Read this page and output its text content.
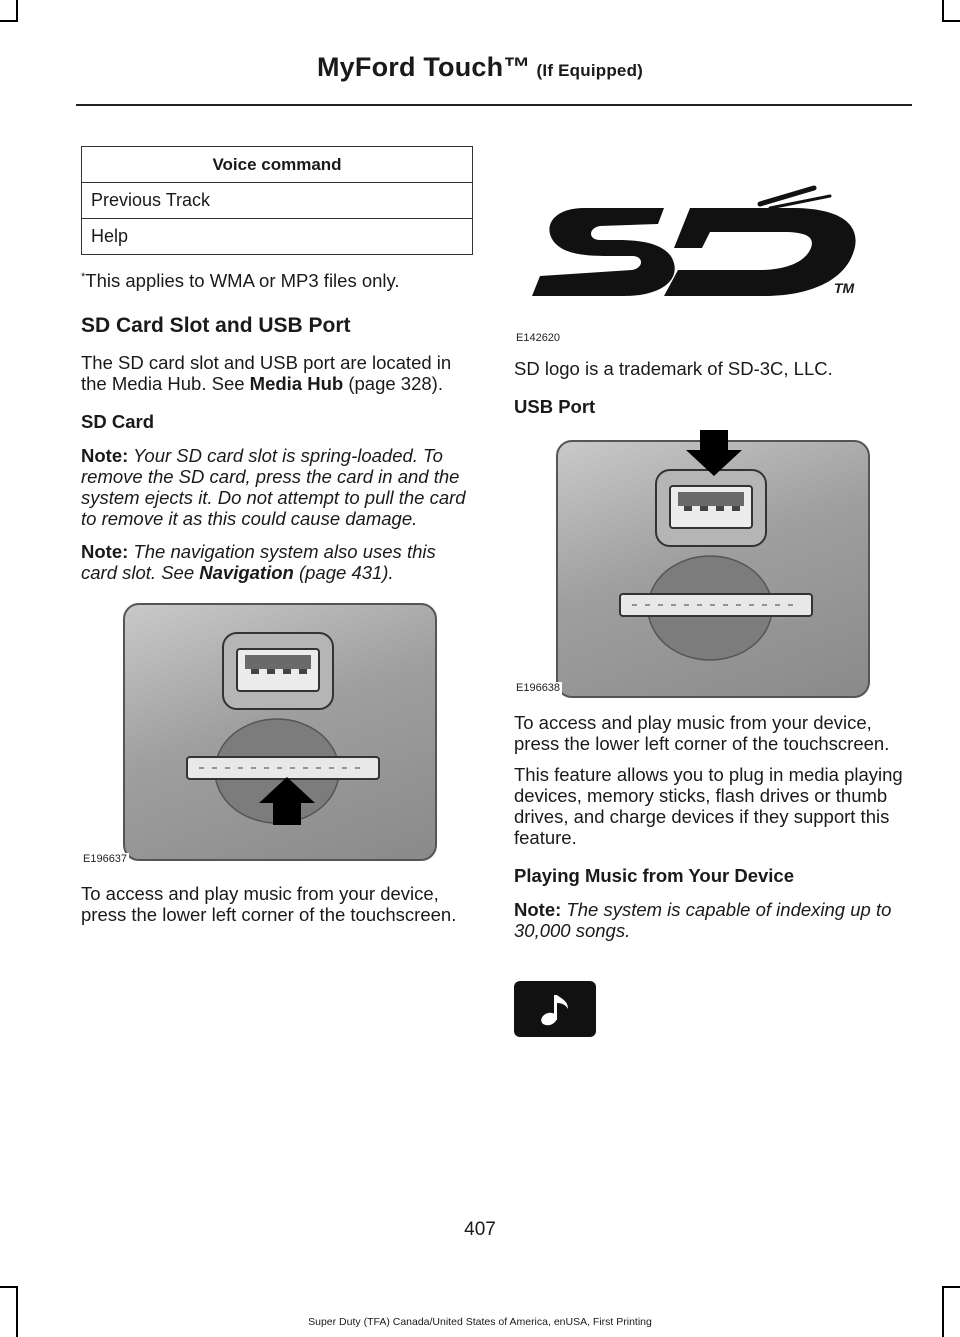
MyFord Touch™ (If Equipped)
Voice command
Previous Track
Help

*This applies to WMA or MP3 files only.

SD Card Slot and USB Port

The SD card slot and USB port are located in the Media Hub. See Media Hub (page 328).

SD Card

Note: Your SD card slot is spring-loaded. To remove the SD card, press the card in and the system ejects it. Do not attempt to pull the card to remove it as this could cause damage.

Note: The navigation system also uses this card slot. See Navigation (page 431).

E196637

To access and play music from your device, press the lower left corner of the touchscreen.

TM
E142620

SD logo is a trademark of SD-3C, LLC.

USB Port
E196638

To access and play music from your device, press the lower left corner of the touchscreen.

This feature allows you to plug in media playing devices, memory sticks, flash drives or thumb drives, and charge devices if they support this feature.

Playing Music from Your Device

Note: The system is capable of indexing up to 30,000 songs.

407
Super Duty (TFA) Canada/United States of America, enUSA, First Printing
